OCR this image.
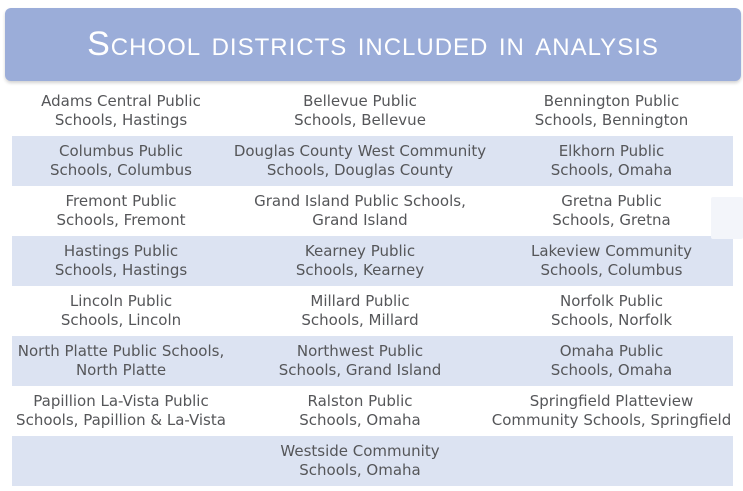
School districts included in analysis
Adams Central Public
Schools, Hastings
Bellevue Public
Schools, Bellevue
Bennington Public
Schools, Bennington
Columbus Public
Schools, Columbus
Douglas County West Community
Schools, Douglas County
Elkhorn Public
Schools, Omaha
Fremont Public
Schools, Fremont
Grand Island Public Schools,
Grand Island
Gretna Public
Schools, Gretna
Hastings Public
Schools, Hastings
Kearney Public
Schools, Kearney
Lakeview Community
Schools, Columbus
Lincoln Public
Schools, Lincoln
Millard Public
Schools, Millard
Norfolk Public
Schools, Norfolk
North Platte Public Schools,
North Platte
Northwest Public
Schools, Grand Island
Omaha Public
Schools, Omaha
Papillion La-Vista Public
Schools, Papillion & La-Vista
Ralston Public
Schools, Omaha
Springfield Platteview
Community Schools, Springfield
Westside Community
Schools, Omaha
